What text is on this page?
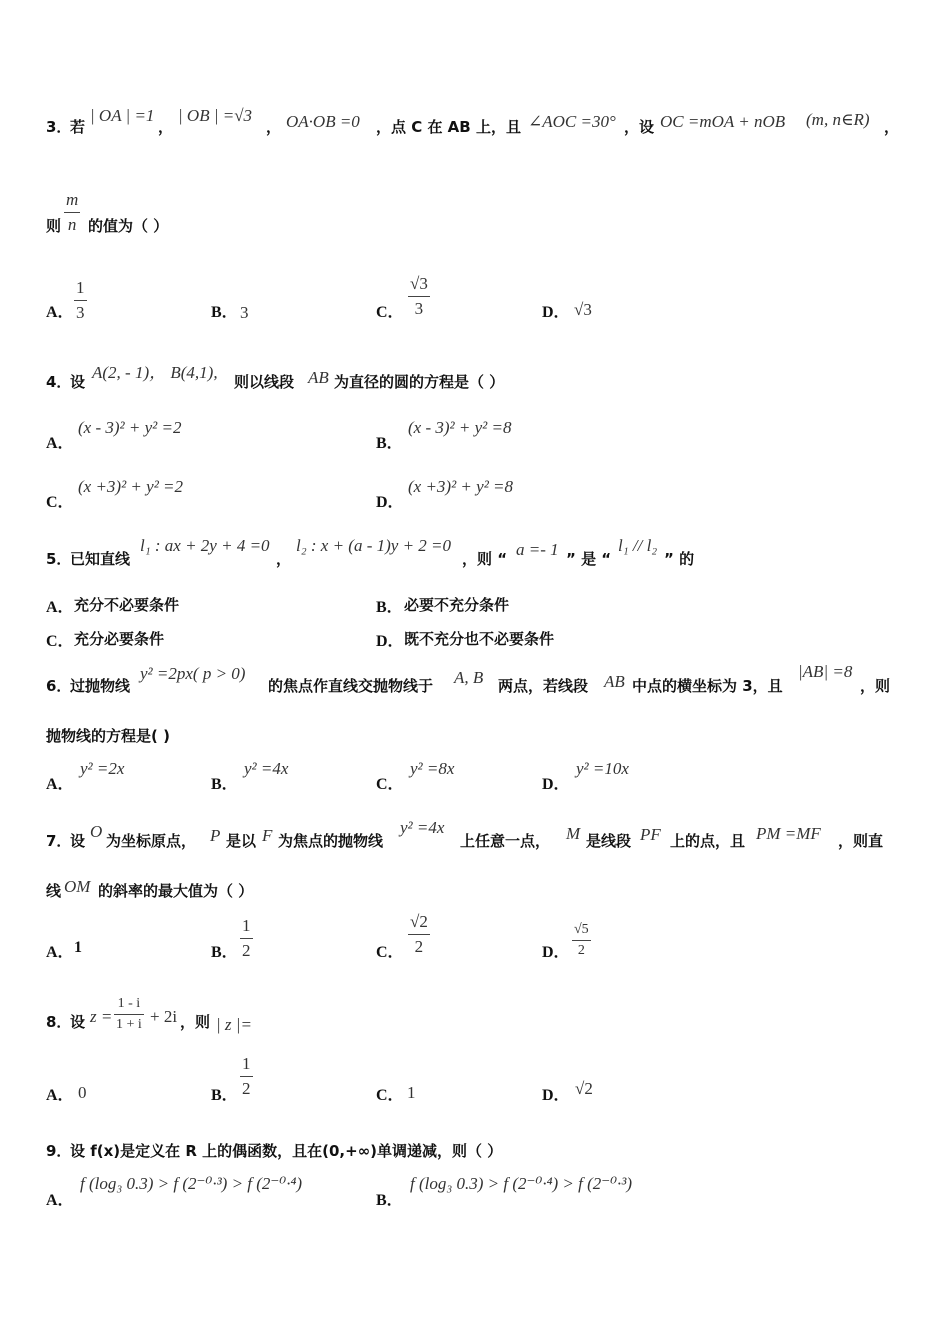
3．
若
| OA | =1
，
| OB | =√3
， OA·OB =0 ，点 C 在 AB 上，且 ∠AOC =30° ，设 OC =mOA + nOB (m, n∈R) ，
则
m
n 的值为（ ）
A．
1
3	B． 3	C．
√3
3	D． √3
4．
设 A(2, - 1)， B(4,1), 则以线段 AB 为直径的圆的方程是（ ）
A．
(x - 3)² + y² =2
B．
(x - 3)² + y² =8
C．
(x +3)² + y² =2
D．
(x +3)² + y² =8
5．
已知直线
l₁ : ax + 2y + 4 =0
，
l₂ : x + (a - 1)y + 2 =0
，则 “ a =- 1 ” 是 “
l₁ // l₂
” 的
A． 充分不必要条件	B． 必要不充分条件
C． 充分必要条件	D． 既不充分也不必要条件
6．
过抛物线
y² =2px( p > 0)
的焦点作直线交抛物线于 A, B 两点，若线段 AB 中点的横坐标为 3，且
|AB| =8
，则
抛物线的方程是( )
A．
y² =2x
B．
y² =4x
C．
y² =8x
D．
y² =10x
7．
设 O 为坐标原点， P 是以 F 为焦点的抛物线
y² =4x
上任意一点， M 是线段 PF 上的点，且 PM =MF ，则直
线 OM 的斜率的最大值为（ ）
A． 1	B．
1
2	C．
√2
2	D．
√5
2
8．
设 z =
1 - i
1 + i + 2i ，则 | z |=
A． 0	B．
1
2	C． 1	D． √2
9．
设 f(x)是定义在 R 上的偶函数，且在(0,+∞)单调递减，则（ ）
A．
f (log₃ 0.3) > f (2⁻⁰·³) > f (2⁻⁰·⁴)
B．
f (log₃ 0.3) > f (2⁻⁰·⁴) > f (2⁻⁰·³)
